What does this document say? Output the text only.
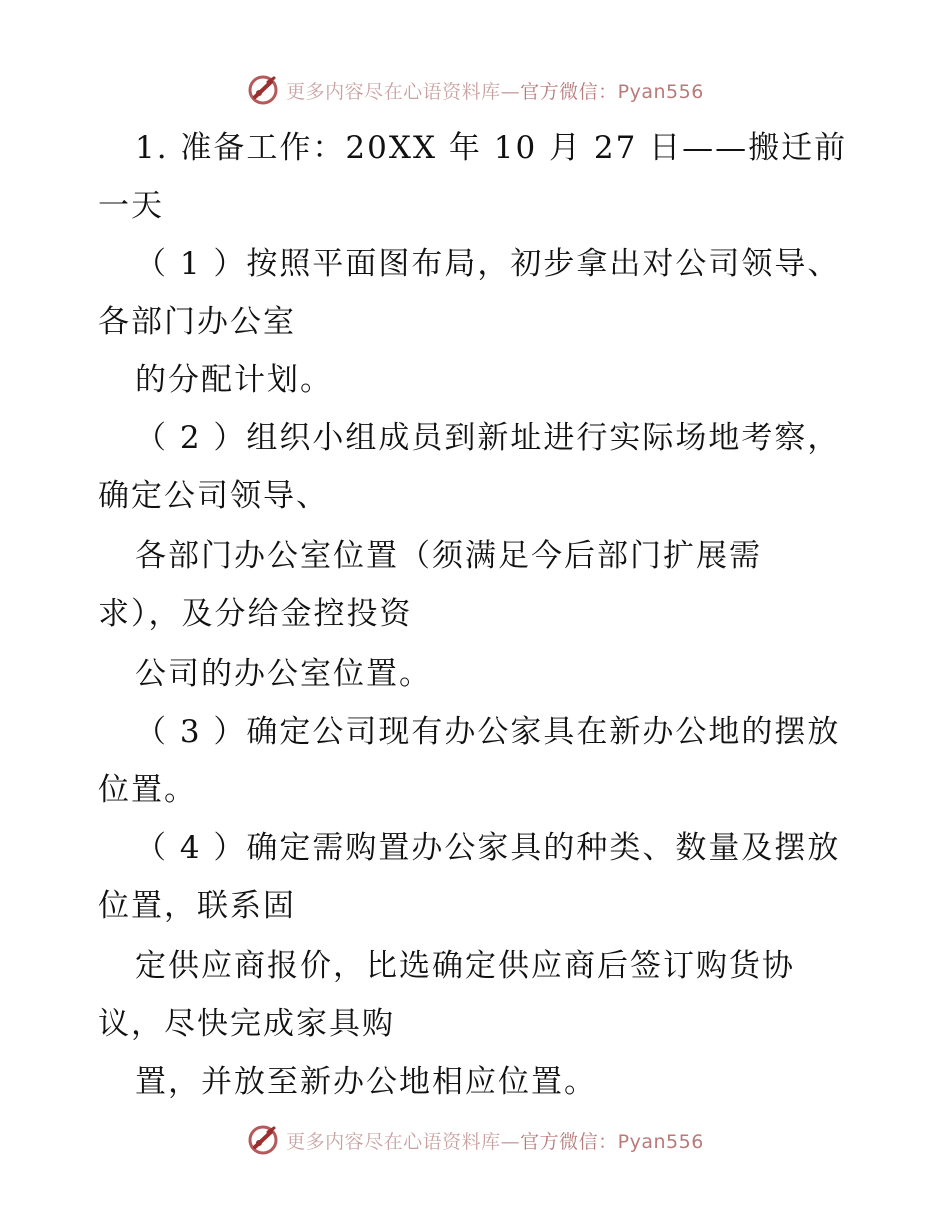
更多内容尽在心语资料库—官方微信：Pyan556
1. 准备工作：20XX 年 10 月 27 日——搬迁前
一天
（ 1 ）按照平面图布局，初步拿出对公司领导、
各部门办公室
的分配计划。
（ 2 ）组织小组成员到新址进行实际场地考察，
确定公司领导、
各部门办公室位置（须满足今后部门扩展需
求），及分给金控投资
公司的办公室位置。
（ 3 ）确定公司现有办公家具在新办公地的摆放
位置。
（ 4 ）确定需购置办公家具的种类、数量及摆放
位置，联系固
定供应商报价，比选确定供应商后签订购货协
议，尽快完成家具购
置，并放至新办公地相应位置。
更多内容尽在心语资料库—官方微信：Pyan556
